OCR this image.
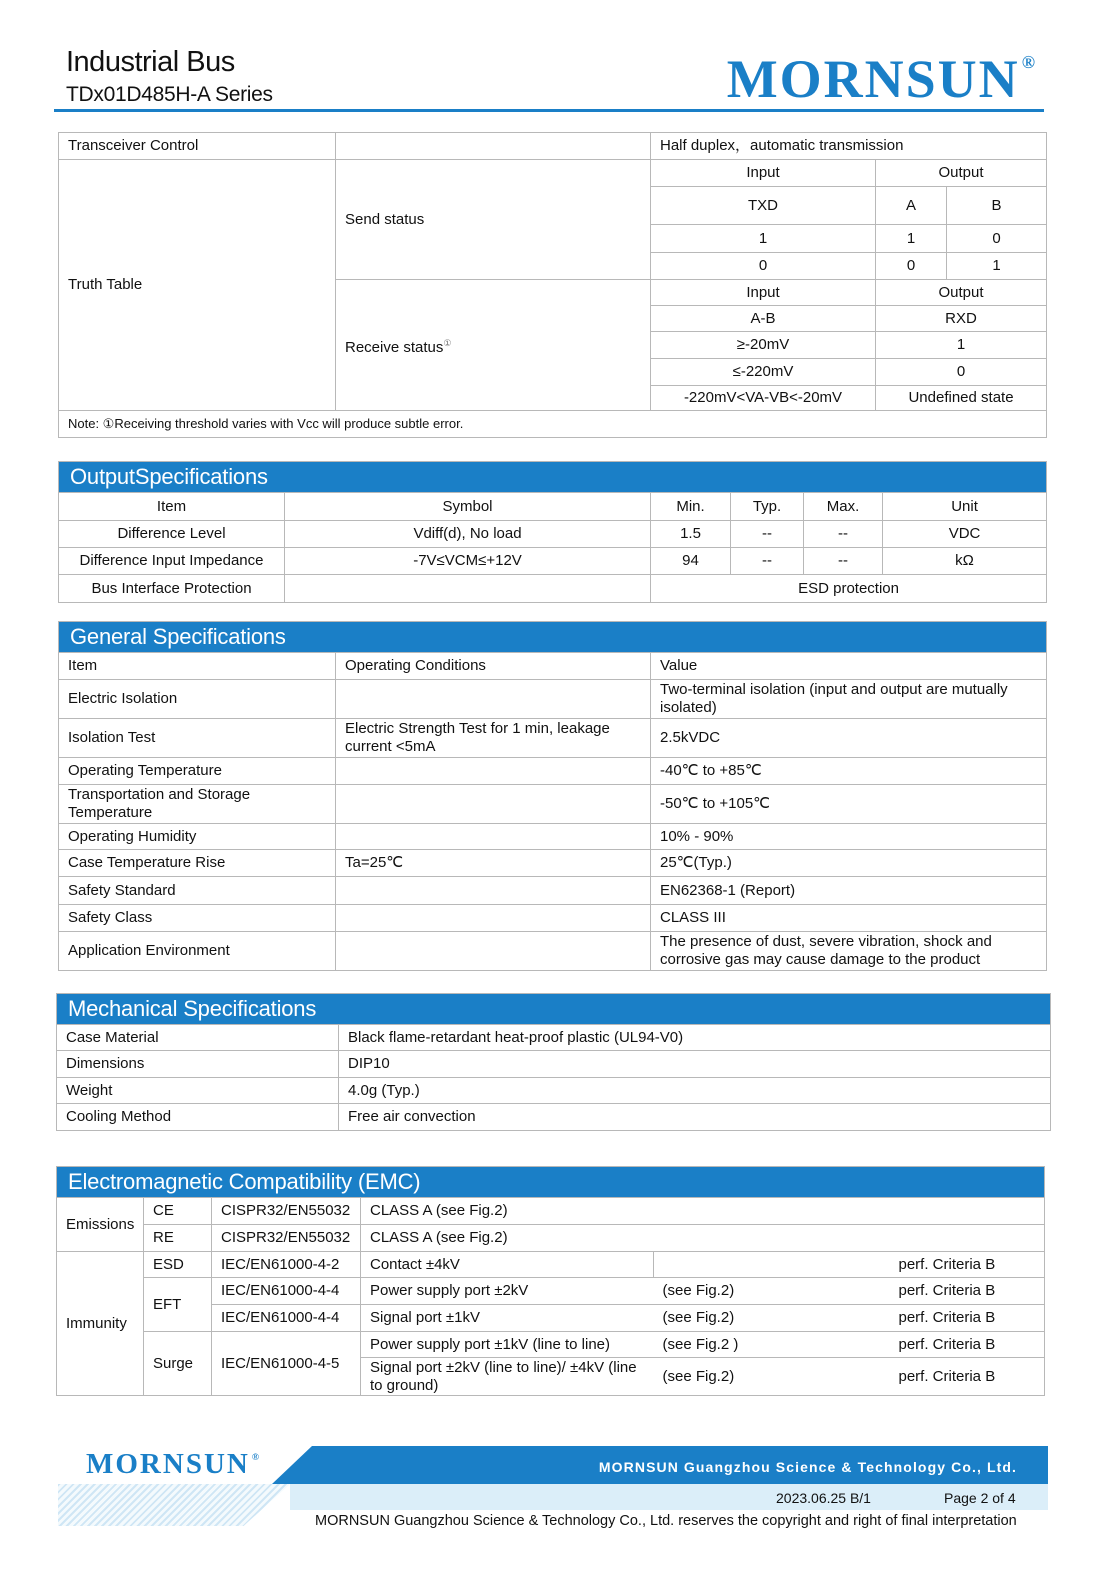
Industrial Bus
TDx01D485H-A Series	MORNSUN ®
Transceiver Control		Half duplex，automatic transmission		
Truth Table	Send status	Input	Output	
		TXD	A	B
		1	1	0
		0	0	1
	Receive status①	Input	Output	
		A-B	RXD	
		≥-20mV	1	
		≤-220mV	0	
		-220mV<VA-VB<-20mV	Undefined state	
Note: ①Receiving threshold varies with Vcc will produce subtle error.				
OutputSpecifications					
Item	Symbol	Min.	Typ.	Max.	Unit
Difference Level	Vdiff(d), No load	1.5	--	--	VDC
Difference Input Impedance	-7V≤VCM≤+12V	94	--	--	kΩ
Bus Interface Protection		ESD protection			
General Specifications		
Item	Operating Conditions	Value
Electric Isolation		Two-terminal isolation (input and output are mutually isolated)
Isolation Test	Electric Strength Test for 1 min, leakage current <5mA	2.5kVDC
Operating Temperature		-40℃ to +85℃
Transportation and Storage Temperature		-50℃ to +105℃
Operating Humidity		10% - 90%
Case Temperature Rise	Ta=25℃	25℃(Typ.)
Safety Standard		EN62368-1 (Report)
Safety Class		CLASS III
Application Environment		The presence of dust, severe vibration, shock and corrosive gas may cause damage to the product
Mechanical Specifications	
Case Material	Black flame-retardant heat-proof plastic (UL94-V0)
Dimensions	DIP10
Weight	4.0g (Typ.)
Cooling Method	Free air convection
Electromagnetic Compatibility (EMC)					
Emissions	CE	CISPR32/EN55032	CLASS A (see Fig.2)		
	RE	CISPR32/EN55032	CLASS A (see Fig.2)		
Immunity	ESD	IEC/EN61000-4-2	Contact ±4kV		perf. Criteria B
	EFT	IEC/EN61000-4-4	Power supply port ±2kV	(see Fig.2)	perf. Criteria B
		IEC/EN61000-4-4	Signal port ±1kV	(see Fig.2)	perf. Criteria B
	Surge	IEC/EN61000-4-5	Power supply port ±1kV (line to line)	(see Fig.2 )	perf. Criteria B
			Signal port ±2kV (line to line)/ ±4kV (line to ground)	(see Fig.2)	perf. Criteria B
MORNSUN ®
MORNSUN Guangzhou Science & Technology Co., Ltd.
2023.06.25 B/1	Page 2 of 4
MORNSUN Guangzhou Science & Technology Co., Ltd. reserves the copyright and right of final interpretation
